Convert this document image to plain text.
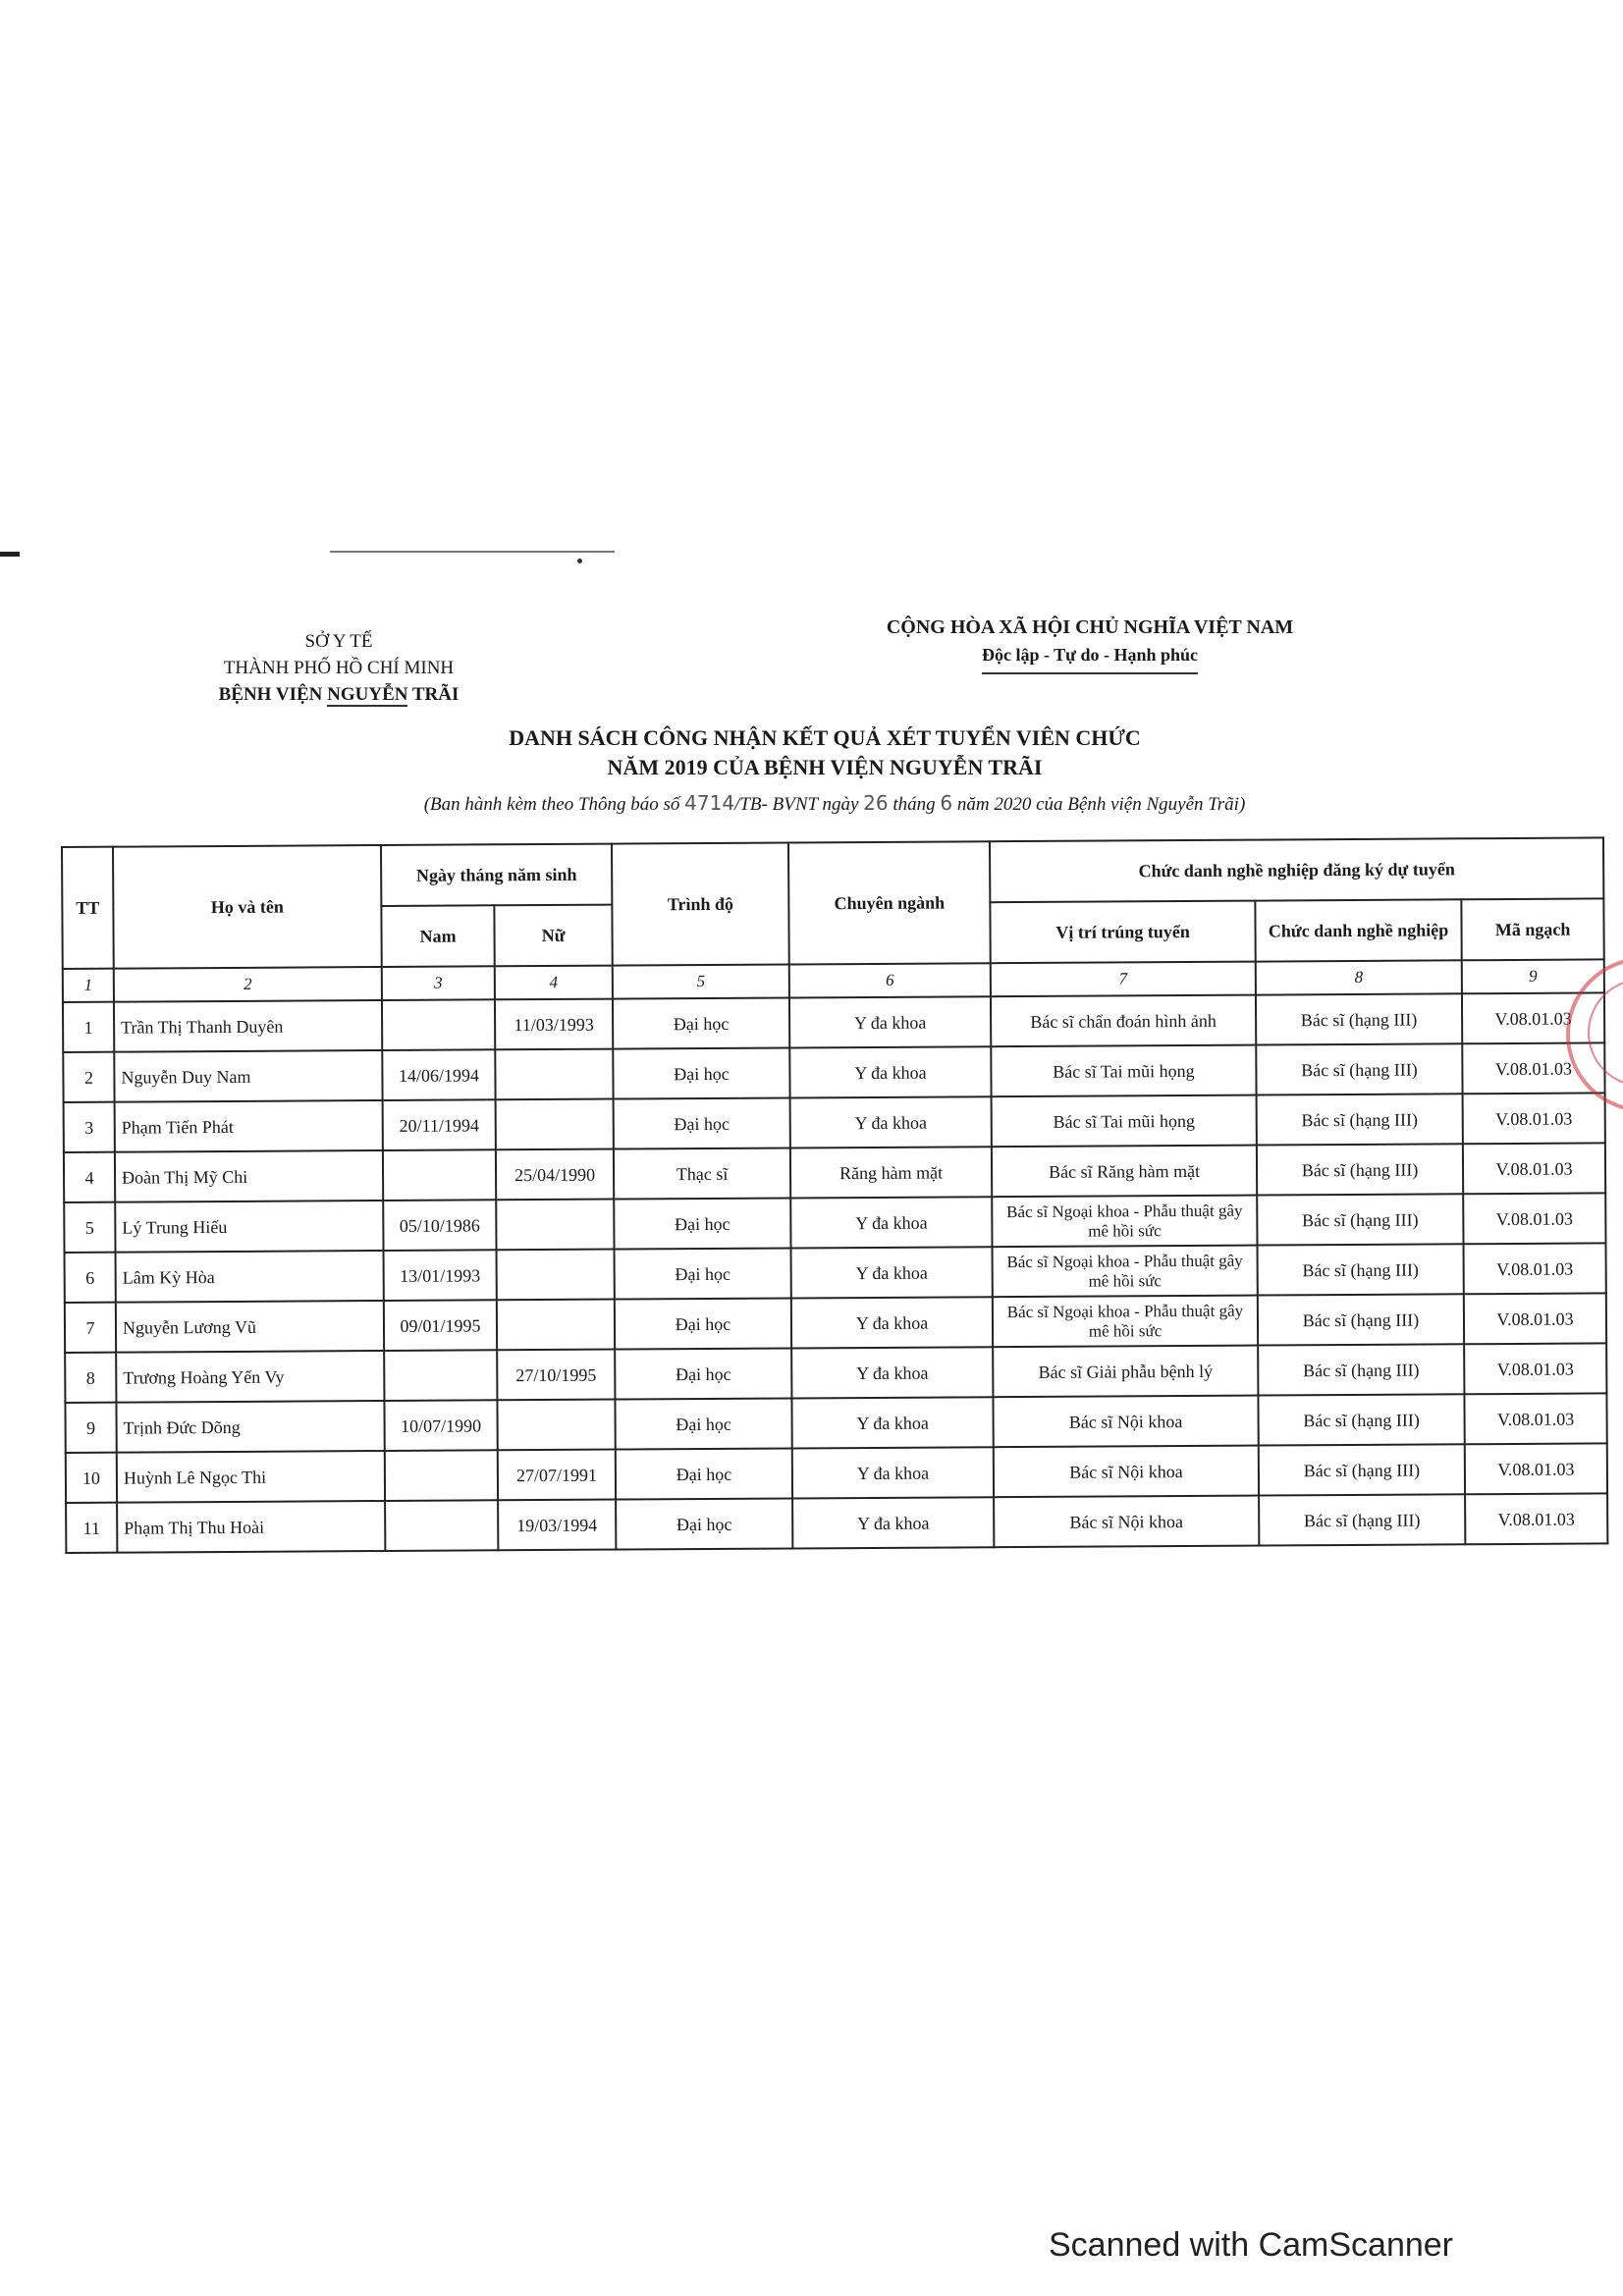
SỞ Y TẾ
THÀNH PHỐ HỒ CHÍ MINH
BỆNH VIỆN NGUYỄN TRÃI
CỘNG HÒA XÃ HỘI CHỦ NGHĨA VIỆT NAM
Độc lập - Tự do - Hạnh phúc
DANH SÁCH CÔNG NHẬN KẾT QUẢ XÉT TUYỂN VIÊN CHỨC
NĂM 2019 CỦA BỆNH VIỆN NGUYỄN TRÃI
(Ban hành kèm theo Thông báo số 4714/TB- BVNT ngày 26 tháng 6 năm 2020 của Bệnh viện Nguyễn Trãi)
TT	Họ và tên	Ngày tháng năm sinh		Trình độ	Chuyên ngành	Chức danh nghề nghiệp đăng ký dự tuyển		
		Nam	Nữ			Vị trí trúng tuyển	Chức danh nghề nghiệp	Mã ngạch
1	2	3	4	5	6	7	8	9
1	Trần Thị Thanh Duyên		11/03/1993	Đại học	Y đa khoa	Bác sĩ chẩn đoán hình ảnh	Bác sĩ (hạng III)	V.08.01.03
2	Nguyễn Duy Nam	14/06/1994		Đại học	Y đa khoa	Bác sĩ Tai mũi họng	Bác sĩ (hạng III)	V.08.01.03
3	Phạm Tiến Phát	20/11/1994		Đại học	Y đa khoa	Bác sĩ Tai mũi họng	Bác sĩ (hạng III)	V.08.01.03
4	Đoàn Thị Mỹ Chi		25/04/1990	Thạc sĩ	Răng hàm mặt	Bác sĩ Răng hàm mặt	Bác sĩ (hạng III)	V.08.01.03
5	Lý Trung Hiếu	05/10/1986		Đại học	Y đa khoa	Bác sĩ Ngoại khoa - Phẫu thuật gây mê hồi sức	Bác sĩ (hạng III)	V.08.01.03
6	Lâm Kỳ Hòa	13/01/1993		Đại học	Y đa khoa	Bác sĩ Ngoại khoa - Phẫu thuật gây mê hồi sức	Bác sĩ (hạng III)	V.08.01.03
7	Nguyễn Lương Vũ	09/01/1995		Đại học	Y đa khoa	Bác sĩ Ngoại khoa - Phẫu thuật gây mê hồi sức	Bác sĩ (hạng III)	V.08.01.03
8	Trương Hoàng Yến Vy		27/10/1995	Đại học	Y đa khoa	Bác sĩ Giải phẫu bệnh lý	Bác sĩ (hạng III)	V.08.01.03
9	Trịnh Đức Dõng	10/07/1990		Đại học	Y đa khoa	Bác sĩ Nội khoa	Bác sĩ (hạng III)	V.08.01.03
10	Huỳnh Lê Ngọc Thi		27/07/1991	Đại học	Y đa khoa	Bác sĩ Nội khoa	Bác sĩ (hạng III)	V.08.01.03
11	Phạm Thị Thu Hoài		19/03/1994	Đại học	Y đa khoa	Bác sĩ Nội khoa	Bác sĩ (hạng III)	V.08.01.03
Scanned with CamScanner
